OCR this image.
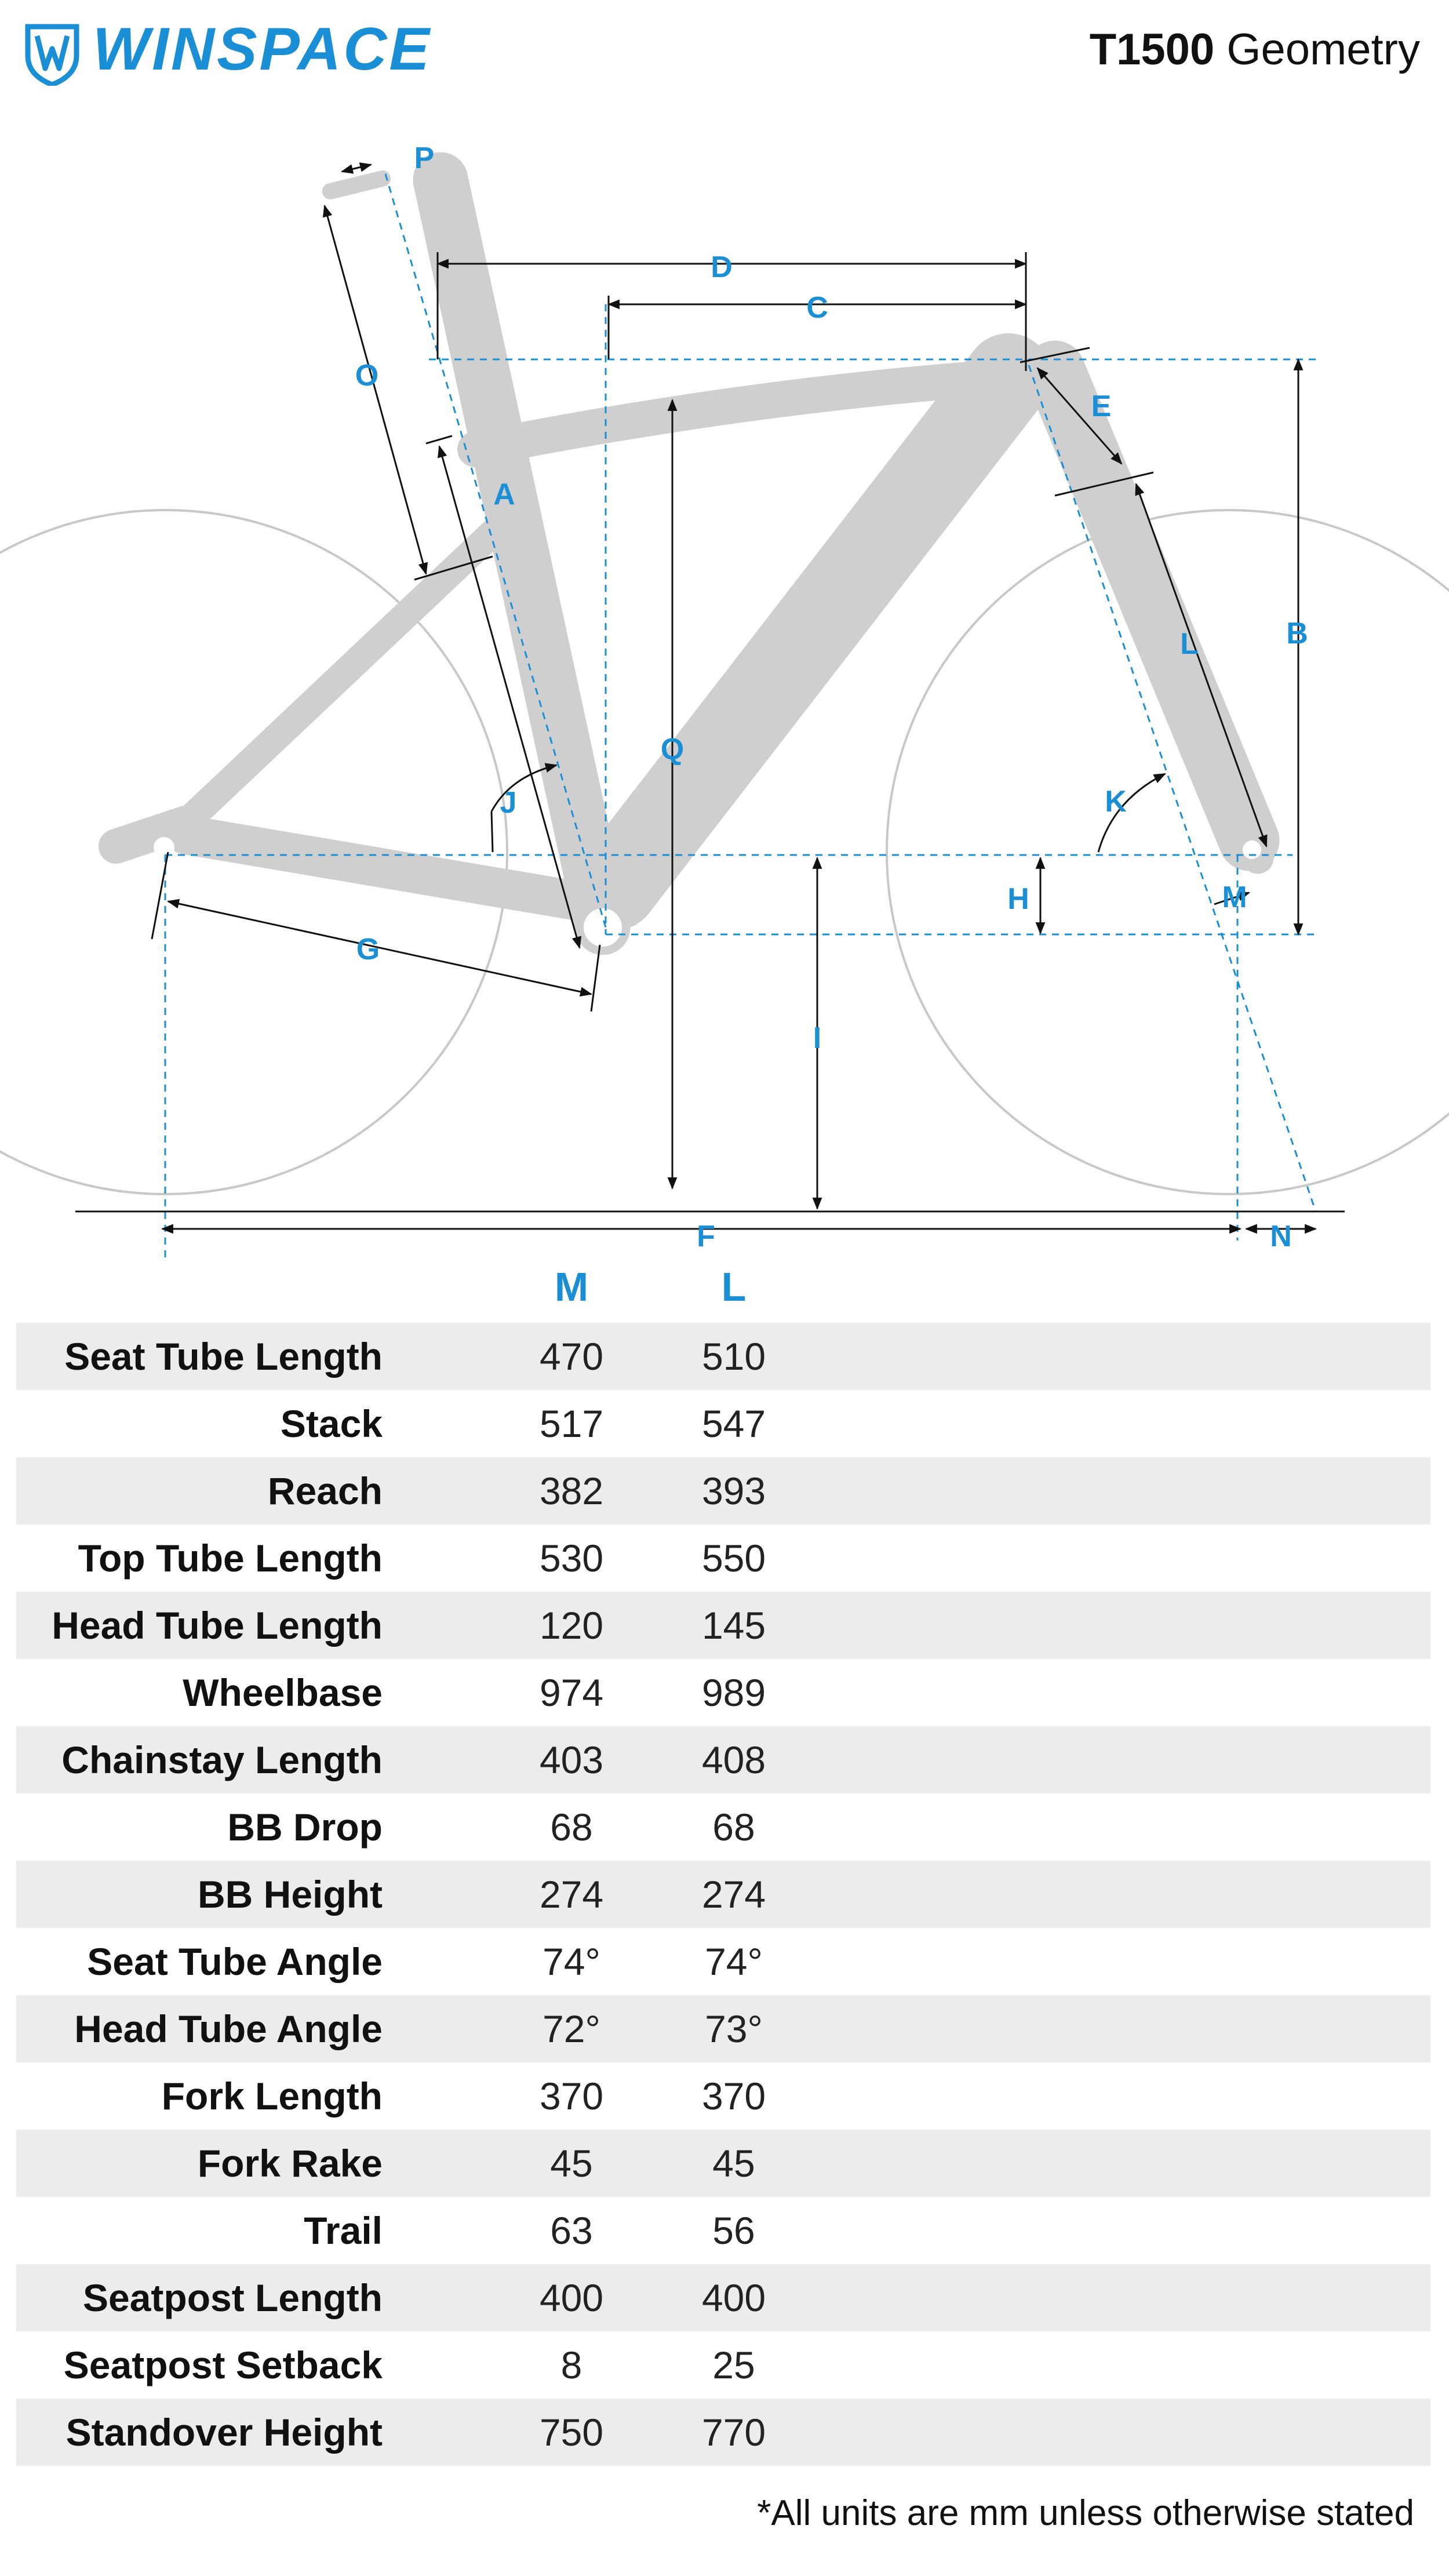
WINSPACE	T1500 Geometry
A
B
C
D
E
F
G
H
I
J	K
L
M
N
O
P
Q
M	L
Seat Tube Length	470	510
Stack	517	547
Reach	382	393
Top Tube Length	530	550
Head Tube Length	120	145
Wheelbase	974	989
Chainstay Length	403	408
BB Drop	68	68
BB Height	274	274
Seat Tube Angle	74°	74°
Head Tube Angle	72°	73°
Fork Length	370	370
Fork Rake	45	45
Trail	63	56
Seatpost Length	400	400
Seatpost Setback	8	25
Standover Height	750	770
*All units are mm unless otherwise stated
